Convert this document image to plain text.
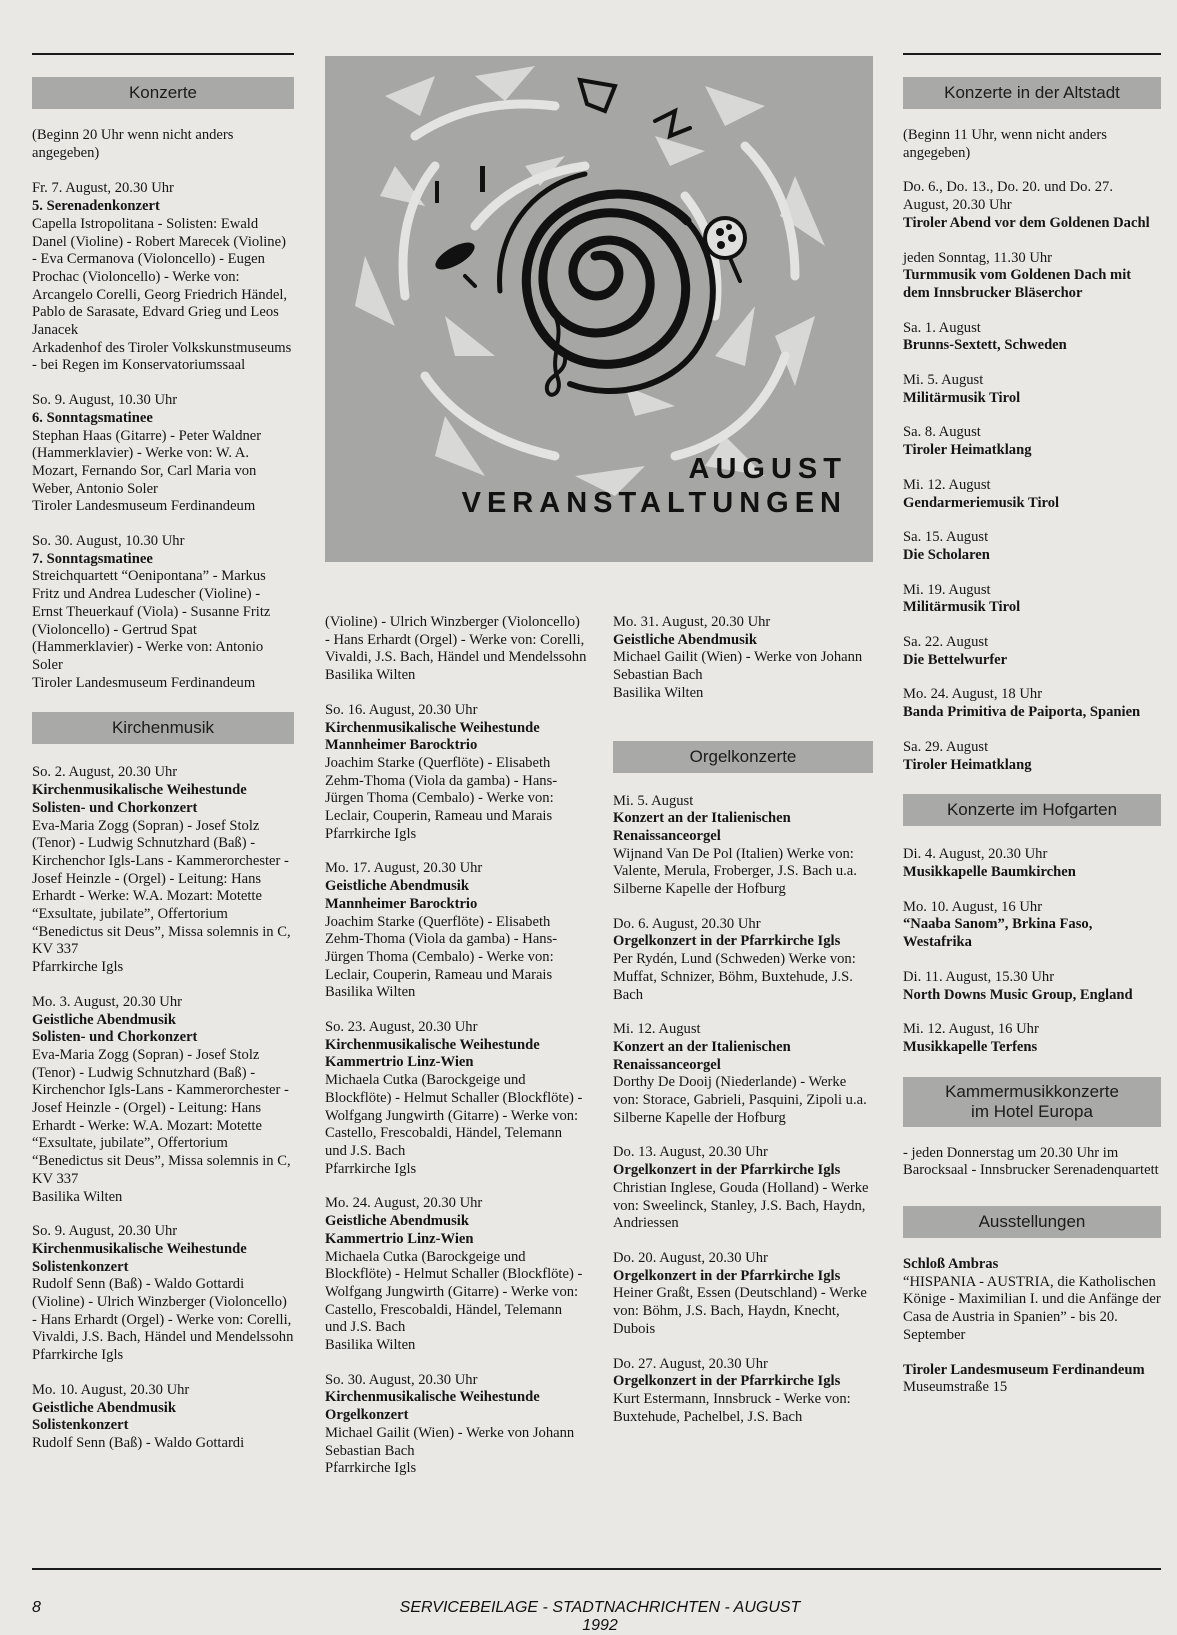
Konzerte

(Beginn 20 Uhr wenn nicht anders angegeben)

Fr. 7. August, 20.30 Uhr
5. Serenadenkonzert
Capella Istropolitana - Solisten: Ewald Danel (Violine) - Robert Marecek (Violine) - Eva Cermanova (Violoncello) - Eugen Prochac (Violoncello) - Werke von: Arcangelo Corelli, Georg Friedrich Händel, Pablo de Sarasate, Edvard Grieg und Leos Janacek
Arkadenhof des Tiroler Volkskunstmuseums - bei Regen im Konservatoriumssaal
So. 9. August, 10.30 Uhr
6. Sonntagsmatinee
Stephan Haas (Gitarre) - Peter Waldner (Hammerklavier) - Werke von: W. A. Mozart, Fernando Sor, Carl Maria von Weber, Antonio Soler
Tiroler Landesmuseum Ferdinandeum
So. 30. August, 10.30 Uhr
7. Sonntagsmatinee
Streichquartett “Oenipontana” - Markus Fritz und Andrea Ludescher (Violine) - Ernst Theuerkauf (Viola) - Susanne Fritz (Violoncello) - Gertrud Spat (Hammerklavier) - Werke von: Antonio Soler
Tiroler Landesmuseum Ferdinandeum
Kirchenmusik
So. 2. August, 20.30 Uhr
Kirchenmusikalische Weihestunde
Solisten- und Chorkonzert
Eva-Maria Zogg (Sopran) - Josef Stolz (Tenor) - Ludwig Schnutzhard (Baß) - Kirchenchor Igls-Lans - Kammerorchester - Josef Heinzle - (Orgel) - Leitung: Hans Erhardt - Werke: W.A. Mozart: Motette “Exsultate, jubilate”, Offertorium “Benedictus sit Deus”, Missa solemnis in C, KV 337
Pfarrkirche Igls
Mo. 3. August, 20.30 Uhr
Geistliche Abendmusik
Solisten- und Chorkonzert
Eva-Maria Zogg (Sopran) - Josef Stolz (Tenor) - Ludwig Schnutzhard (Baß) - Kirchenchor Igls-Lans - Kammerorchester - Josef Heinzle - (Orgel) - Leitung: Hans Erhardt - Werke: W.A. Mozart: Motette “Exsultate, jubilate”, Offertorium “Benedictus sit Deus”, Missa solemnis in C, KV 337
Basilika Wilten
So. 9. August, 20.30 Uhr
Kirchenmusikalische Weihestunde
Solistenkonzert
Rudolf Senn (Baß) - Waldo Gottardi (Violine) - Ulrich Winzberger (Violoncello) - Hans Erhardt (Orgel) - Werke von: Corelli, Vivaldi, J.S. Bach, Händel und Mendelssohn
Pfarrkirche Igls
Mo. 10. August, 20.30 Uhr
Geistliche Abendmusik
Solistenkonzert
Rudolf Senn (Baß) - Waldo Gottardi
AUGUST
VERANSTALTUNGEN
(Violine) - Ulrich Winzberger (Violoncello) - Hans Erhardt (Orgel) - Werke von: Corelli, Vivaldi, J.S. Bach, Händel und Mendelssohn
Basilika Wilten
So. 16. August, 20.30 Uhr
Kirchenmusikalische Weihestunde
Mannheimer Barocktrio
Joachim Starke (Querflöte) - Elisabeth Zehm-Thoma (Viola da gamba) - Hans-Jürgen Thoma (Cembalo) - Werke von: Leclair, Couperin, Rameau und Marais
Pfarrkirche Igls
Mo. 17. August, 20.30 Uhr
Geistliche Abendmusik
Mannheimer Barocktrio
Joachim Starke (Querflöte) - Elisabeth Zehm-Thoma (Viola da gamba) - Hans-Jürgen Thoma (Cembalo) - Werke von: Leclair, Couperin, Rameau und Marais
Basilika Wilten
So. 23. August, 20.30 Uhr
Kirchenmusikalische Weihestunde
Kammertrio Linz-Wien
Michaela Cutka (Barockgeige und Blockflöte) - Helmut Schaller (Blockflöte) - Wolfgang Jungwirth (Gitarre) - Werke von: Castello, Frescobaldi, Händel, Telemann und J.S. Bach
Pfarrkirche Igls
Mo. 24. August, 20.30 Uhr
Geistliche Abendmusik
Kammertrio Linz-Wien
Michaela Cutka (Barockgeige und Blockflöte) - Helmut Schaller (Blockflöte) - Wolfgang Jungwirth (Gitarre) - Werke von: Castello, Frescobaldi, Händel, Telemann und J.S. Bach
Basilika Wilten
So. 30. August, 20.30 Uhr
Kirchenmusikalische Weihestunde
Orgelkonzert
Michael Gailit (Wien) - Werke von Johann Sebastian Bach
Pfarrkirche Igls
Mo. 31. August, 20.30 Uhr
Geistliche Abendmusik
Michael Gailit (Wien) - Werke von Johann Sebastian Bach
Basilika Wilten
Orgelkonzerte
Mi. 5. August
Konzert an der Italienischen Renaissanceorgel
Wijnand Van De Pol (Italien) Werke von: Valente, Merula, Froberger, J.S. Bach u.a.
Silberne Kapelle der Hofburg
Do. 6. August, 20.30 Uhr
Orgelkonzert in der Pfarrkirche Igls
Per Rydén, Lund (Schweden) Werke von: Muffat, Schnizer, Böhm, Buxtehude, J.S. Bach
Mi. 12. August
Konzert an der Italienischen Renaissanceorgel
Dorthy De Dooij (Niederlande) - Werke von: Storace, Gabrieli, Pasquini, Zipoli u.a.
Silberne Kapelle der Hofburg
Do. 13. August, 20.30 Uhr
Orgelkonzert in der Pfarrkirche Igls
Christian Inglese, Gouda (Holland) - Werke von: Sweelinck, Stanley, J.S. Bach, Haydn, Andriessen
Do. 20. August, 20.30 Uhr
Orgelkonzert in der Pfarrkirche Igls
Heiner Graßt, Essen (Deutschland) - Werke von: Böhm, J.S. Bach, Haydn, Knecht, Dubois
Do. 27. August, 20.30 Uhr
Orgelkonzert in der Pfarrkirche Igls
Kurt Estermann, Innsbruck - Werke von: Buxtehude, Pachelbel, J.S. Bach
Konzerte in der Altstadt

(Beginn 11 Uhr, wenn nicht anders angegeben)

Do. 6., Do. 13., Do. 20. und Do. 27. August, 20.30 Uhr
Tiroler Abend vor dem Goldenen Dachl
jeden Sonntag, 11.30 Uhr
Turmmusik vom Goldenen Dach mit dem Innsbrucker Bläserchor
Sa. 1. August
Brunns-Sextett, Schweden
Mi. 5. August
Militärmusik Tirol
Sa. 8. August
Tiroler Heimatklang
Mi. 12. August
Gendarmeriemusik Tirol
Sa. 15. August
Die Scholaren
Mi. 19. August
Militärmusik Tirol
Sa. 22. August
Die Bettelwurfer
Mo. 24. August, 18 Uhr
Banda Primitiva de Paiporta, Spanien
Sa. 29. August
Tiroler Heimatklang
Konzerte im Hofgarten
Di. 4. August, 20.30 Uhr
Musikkapelle Baumkirchen
Mo. 10. August, 16 Uhr
“Naaba Sanom”, Brkina Faso, Westafrika
Di. 11. August, 15.30 Uhr
North Downs Music Group, England
Mi. 12. August, 16 Uhr
Musikkapelle Terfens
Kammermusikkonzerte
im Hotel Europa

- jeden Donnerstag um 20.30 Uhr im Barocksaal - Innsbrucker Serenadenquartett

Ausstellungen
Schloß Ambras
“HISPANIA - AUSTRIA, die Katholischen Könige - Maximilian I. und die Anfänge der Casa de Austria in Spanien” - bis 20. September
Tiroler Landesmuseum Ferdinandeum
Museumstraße 15
8	SERVICEBEILAGE - STADTNACHRICHTEN - AUGUST 1992
